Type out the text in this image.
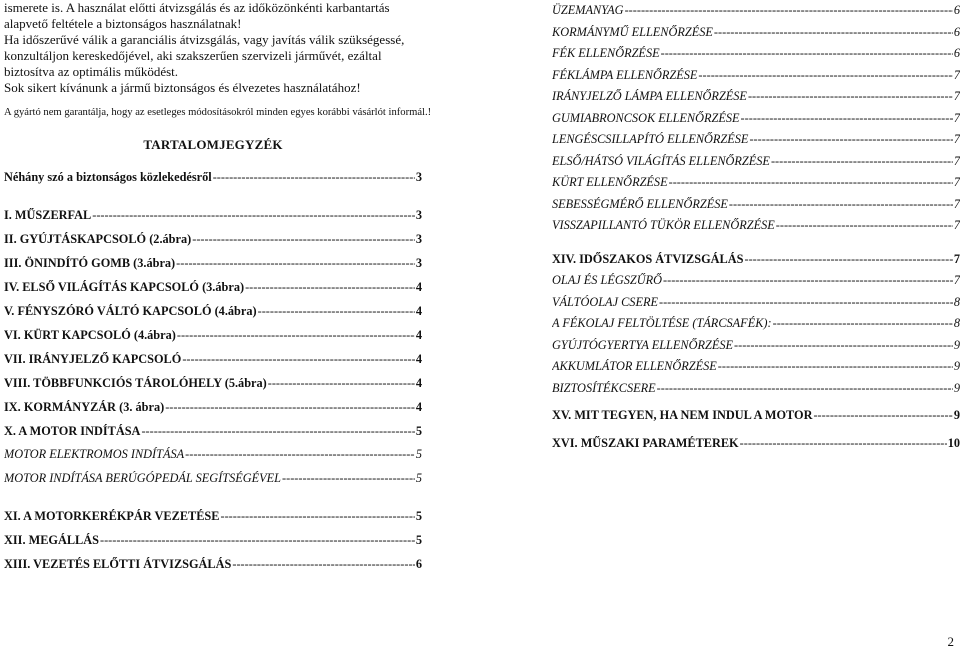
ismerete is. A használat előtti átvizsgálás és az időközönkénti karbantartás

alapvető feltétele a biztonságos használatnak!

Ha időszerűvé válik a garanciális átvizsgálás, vagy javítás válik szükségessé,

konzultáljon kereskedőjével, aki szakszerűen szervizeli járművét, ezáltal

biztosítva az optimális működést.

Sok sikert kívánunk a jármű biztonságos és élvezetes használatához!

A gyártó nem garantálja, hogy az esetleges módosításokról minden egyes korábbi vásárlót informál.!
TARTALOMJEGYZÉK
Néhány szó a biztonságos közlekedésről -----	3
I. MŰSZERFAL -----	3
II. GYÚJTÁSKAPCSOLÓ (2.ábra) -----	3
III. ÖNINDÍTÓ GOMB (3.ábra) -----	3
IV. ELSŐ VILÁGÍTÁS KAPCSOLÓ (3.ábra) -----	4
V. FÉNYSZÓRÓ VÁLTÓ KAPCSOLÓ (4.ábra) -----	4
VI. KÜRT KAPCSOLÓ (4.ábra) -----	4
VII. IRÁNYJELZŐ KAPCSOLÓ -----	4
VIII. TÖBBFUNKCIÓS TÁROLÓHELY (5.ábra) -----	4
IX. KORMÁNYZÁR (3. ábra) -----	4
X. A MOTOR INDÍTÁSA -----	5
MOTOR ELEKTROMOS INDÍTÁSA -----	5
MOTOR INDÍTÁSA BERÚGÓPEDÁL SEGÍTSÉGÉVEL -----	5
XI. A MOTORKERÉKPÁR VEZETÉSE -----	5
XII. MEGÁLLÁS -----	5
XIII. VEZETÉS ELŐTTI ÁTVIZSGÁLÁS -----	6
ÜZEMANYAG -----	6
KORMÁNYMŰ ELLENŐRZÉSE -----	6
FÉK ELLENŐRZÉSE -----	6
FÉKLÁMPA ELLENŐRZÉSE -----	7
IRÁNYJELZŐ LÁMPA ELLENŐRZÉSE -----	7
GUMIABRONCSOK ELLENŐRZÉSE -----	7
LENGÉSCSILLAPÍTÓ ELLENŐRZÉSE -----	7
ELSŐ/HÁTSÓ VILÁGÍTÁS ELLENŐRZÉSE -----	7
KÜRT ELLENŐRZÉSE -----	7
SEBESSÉGMÉRŐ ELLENŐRZÉSE -----	7
VISSZAPILLANTÓ TÜKÖR ELLENŐRZÉSE -----	7
XIV. IDŐSZAKOS ÁTVIZSGÁLÁS -----	7
OLAJ ÉS LÉGSZŰRŐ -----	7
VÁLTÓOLAJ CSERE -----	8
A FÉKOLAJ FELTÖLTÉSE (TÁRCSAFÉK): -----	8
GYÚJTÓGYERTYA ELLENŐRZÉSE -----	9
AKKUMLÁTOR ELLENŐRZÉSE -----	9
BIZTOSÍTÉKCSERE -----	9
XV. MIT TEGYEN, HA NEM INDUL A MOTOR -----	9
XVI. MŰSZAKI PARAMÉTEREK -----	10
2
